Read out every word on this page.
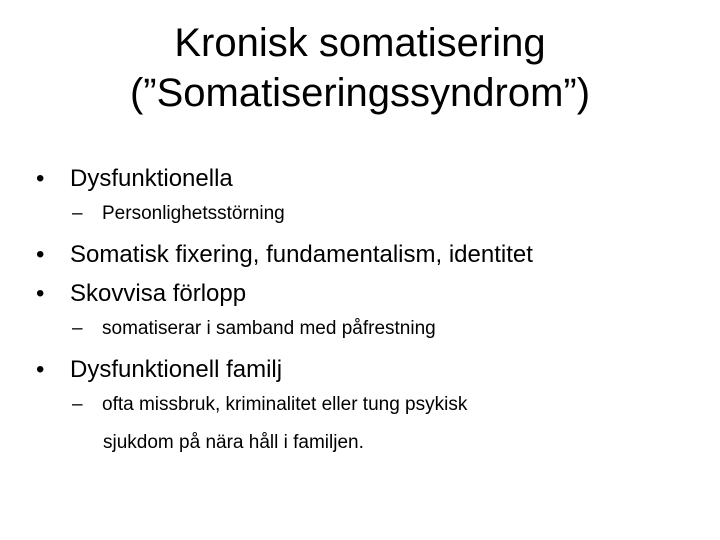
Kronisk somatisering
(”Somatiseringssyndrom”)
• Dysfunktionella
– Personlighetsstörning
• Somatisk fixering, fundamentalism, identitet
• Skovvisa förlopp
– somatiserar i samband med påfrestning
• Dysfunktionell familj
– ofta missbruk, kriminalitet eller tung psykisk
sjukdom på nära håll i familjen.
